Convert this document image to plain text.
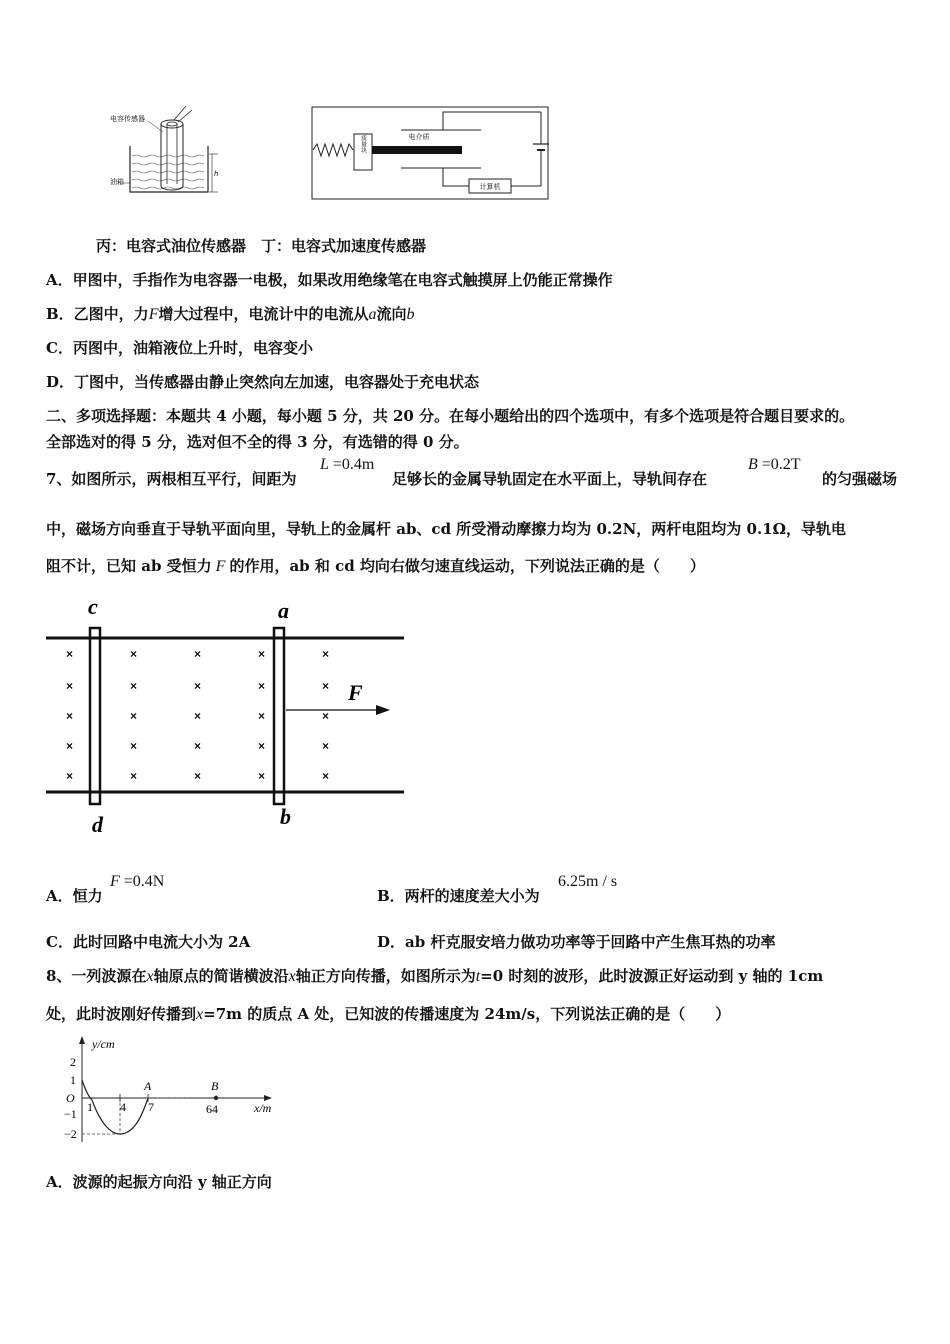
电容传感器
油箱
h
质量块	电介质
计算机
丙：电容式油位传感器　丁：电容式加速度传感器
A．甲图中，手指作为电容器一电极，如果改用绝缘笔在电容式触摸屏上仍能正常操作
B．乙图中，力F增大过程中，电流计中的电流从a流向b
C．丙图中，油箱液位上升时，电容变小
D．丁图中，当传感器由静止突然向左加速，电容器处于充电状态
二、多项选择题：本题共 4 小题，每小题 5 分，共 20 分。在每小题给出的四个选项中，有多个选项是符合题目要求的。
全部选对的得 5 分，选对但不全的得 3 分，有选错的得 0 分。
7、如图所示，两根相互平行，间距为
L =0.4m
足够长的金属导轨固定在水平面上，导轨间存在
B =0.2T
的匀强磁场
中，磁场方向垂直于导轨平面向里，导轨上的金属杆 ab、cd 所受滑动摩擦力均为 0.2N，两杆电阻均为 0.1Ω，导轨电
阻不计，已知 ab 受恒力 F 的作用，ab 和 cd 均向右做匀速直线运动，下列说法正确的是（　　）
×
×
×
×
×
×
×
×
×
×
×
×
×
×
×
×
×
×
×
×
×
×
×
×
×
c	a
d	b
F
A．恒力
F =0.4N
B．两杆的速度差大小为
6.25m / s
C．此时回路中电流大小为 2A	D．ab 杆克服安培力做功功率等于回路中产生焦耳热的功率
8、一列波源在x轴原点的简谐横波沿x轴正方向传播，如图所示为t=0 时刻的波形，此时波源正好运动到 y 轴的 1cm
处，此时波刚好传播到x=7m 的质点 A 处，已知波的传播速度为 24m/s，下列说法正确的是（　　）
y/cm
x/m
2
1
O
−1
−2
1 4 7	64
A	B
A．波源的起振方向沿 y 轴正方向
